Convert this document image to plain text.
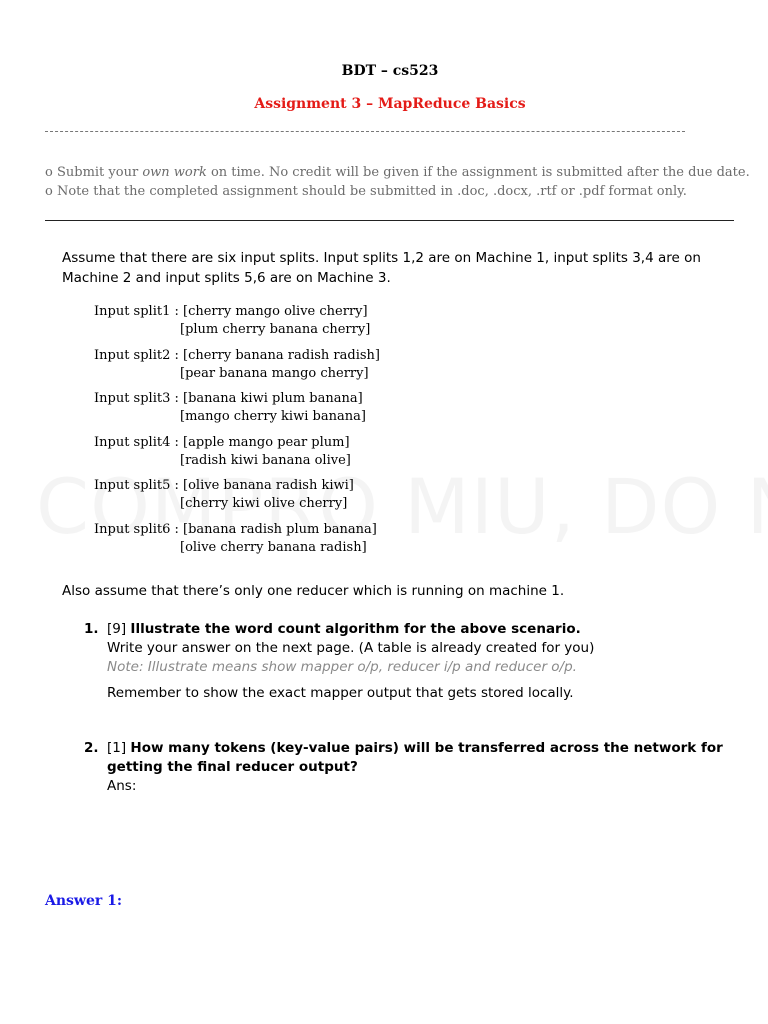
BDT – cs523
Assignment 3 – MapReduce Basics
o Submit your own work on time. No credit will be given if the assignment is submitted after the due date.
o Note that the completed assignment should be submitted in .doc, .docx, .rtf or .pdf format only.
Assume that there are six input splits. Input splits 1,2 are on Machine 1, input splits 3,4 are on Machine 2 and input splits 5,6 are on Machine 3.
Input split1 : [cherry mango olive cherry]
[plum cherry banana cherry]
Input split2 : [cherry banana radish radish]
[pear banana mango cherry]
Input split3 : [banana kiwi plum banana]
[mango cherry kiwi banana]
Input split4 : [apple mango pear plum]
[radish kiwi banana olive]
Input split5 : [olive banana radish kiwi]
[cherry kiwi olive cherry]
Input split6 : [banana radish plum banana]
[olive cherry banana radish]
Also assume that there’s only one reducer which is running on machine 1.
1. [9] Illustrate the word count algorithm for the above scenario.
Write your answer on the next page. (A table is already created for you)
Note: Illustrate means show mapper o/p, reducer i/p and reducer o/p.
Remember to show the exact mapper output that gets stored locally.
2. [1] How many tokens (key-value pairs) will be transferred across the network for getting the final reducer output?
Ans:
Answer 1:
